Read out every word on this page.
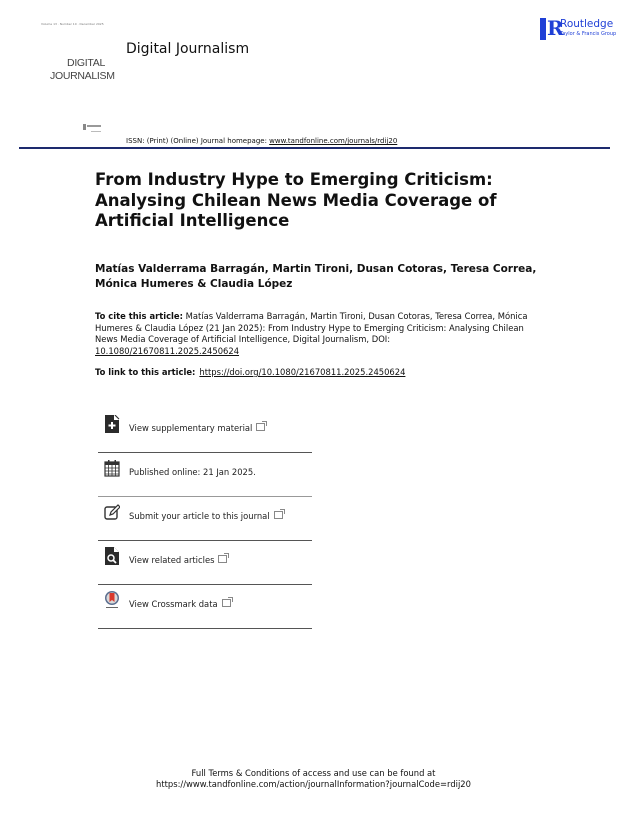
Volume 13 · Number 10 · December 2025
DIGITAL
JOURNALISM
Digital Journalism
R
Routledge
Taylor & Francis Group
ISSN: (Print) (Online) Journal homepage: www.tandfonline.com/journals/rdij20
From Industry Hype to Emerging Criticism: Analysing Chilean News Media Coverage of Artificial Intelligence
Matías Valderrama Barragán, Martin Tironi, Dusan Cotoras, Teresa Correa, Mónica Humeres & Claudia López
To cite this article: Matías Valderrama Barragán, Martin Tironi, Dusan Cotoras, Teresa Correa, Mónica Humeres & Claudia López (21 Jan 2025): From Industry Hype to Emerging Criticism: Analysing Chilean News Media Coverage of Artificial Intelligence, Digital Journalism, DOI: 10.1080/21670811.2025.2450624
To link to this article: https://doi.org/10.1080/21670811.2025.2450624
View supplementary material
Published online: 21 Jan 2025.
Submit your article to this journal
View related articles
View Crossmark data
Full Terms & Conditions of access and use can be found at
https://www.tandfonline.com/action/journalInformation?journalCode=rdij20
